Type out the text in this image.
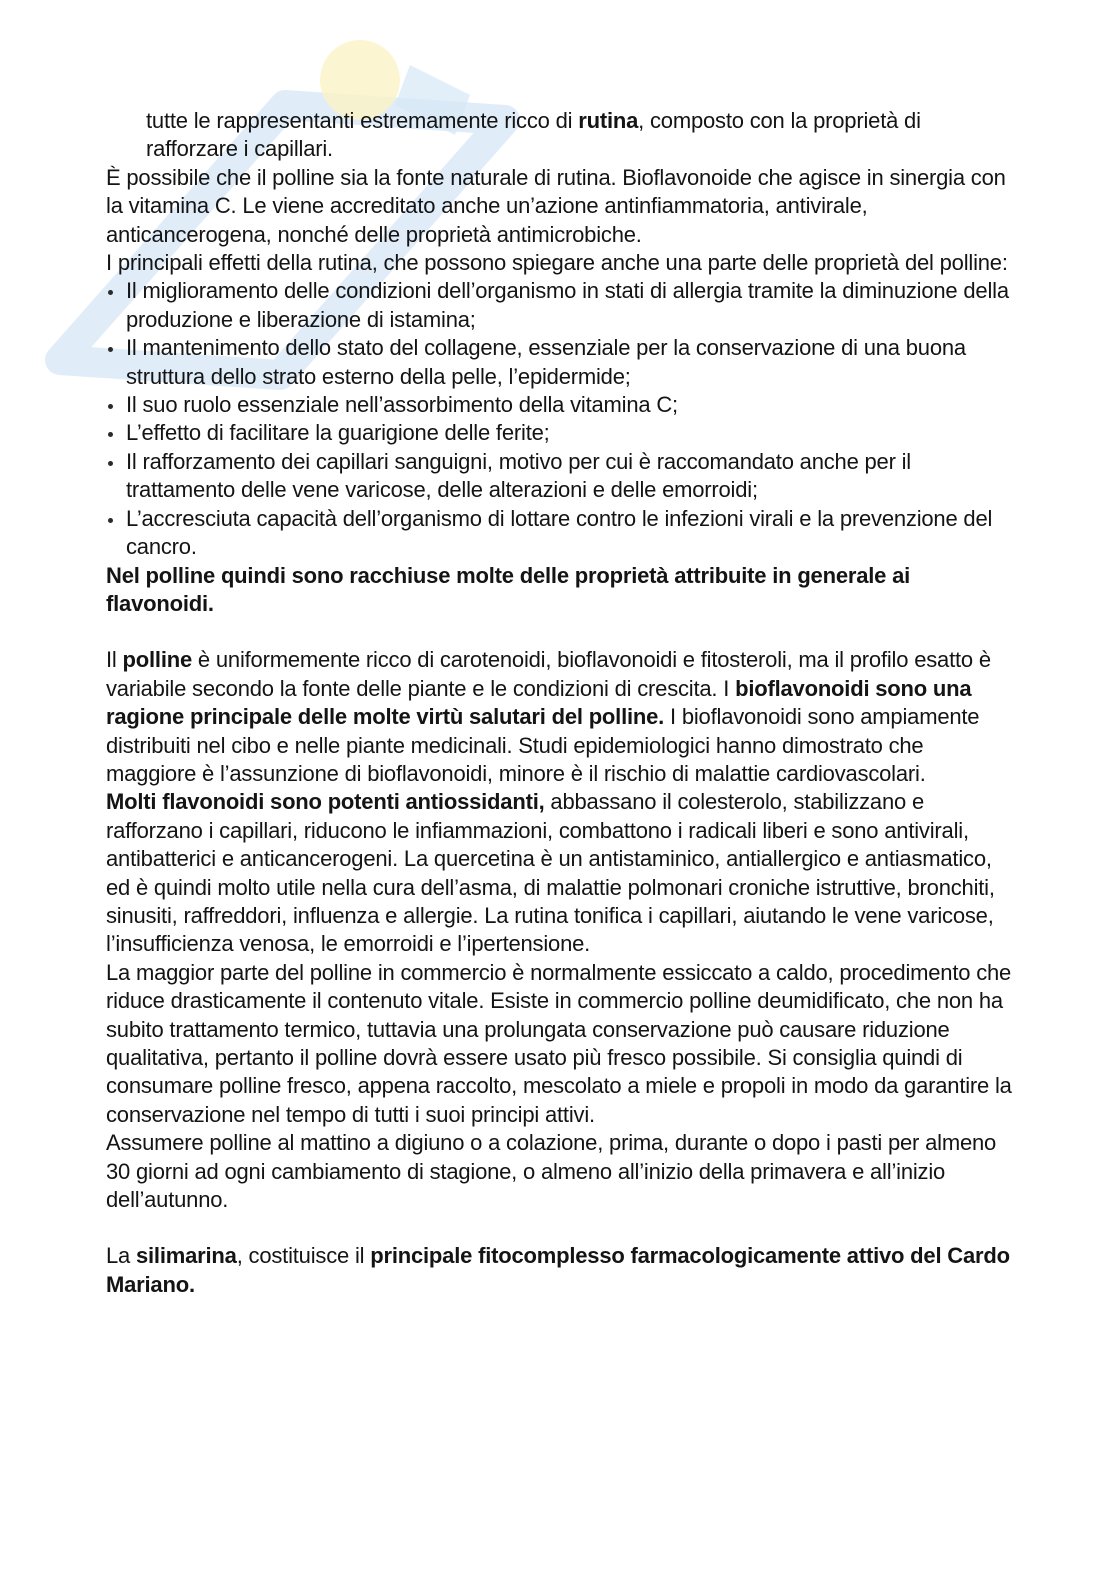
tutte le rappresentanti estremamente ricco di rutina, composto con la proprietà di rafforzare i capillari.

È possibile che il polline sia la fonte naturale di rutina. Bioflavonoide che agisce in sinergia con la vitamina C. Le viene accreditato anche un’azione antinfiammatoria, antivirale, anticancerogena, nonché delle proprietà antimicrobiche.

I principali effetti della rutina, che possono spiegare anche una parte delle proprietà del polline:

Il miglioramento delle condizioni dell’organismo in stati di allergia tramite la diminuzione della produzione e liberazione di istamina;
Il mantenimento dello stato del collagene, essenziale per la conservazione di una buona struttura dello strato esterno della pelle, l’epidermide;
Il suo ruolo essenziale nell’assorbimento della vitamina C;
L’effetto di facilitare la guarigione delle ferite;
Il rafforzamento dei capillari sanguigni, motivo per cui è raccomandato anche per il trattamento delle vene varicose, delle alterazioni e delle emorroidi;
L’accresciuta capacità dell’organismo di lottare contro le infezioni virali e la prevenzione del cancro.

Nel polline quindi sono racchiuse molte delle proprietà attribuite in generale ai flavonoidi.

Il polline è uniformemente ricco di carotenoidi, bioflavonoidi e fitosteroli, ma il profilo esatto è variabile secondo la fonte delle piante e le condizioni di crescita. I bioflavonoidi sono una ragione principale delle molte virtù salutari del polline. I bioflavonoidi sono ampiamente distribuiti nel cibo e nelle piante medicinali. Studi epidemiologici hanno dimostrato che maggiore è l’assunzione di bioflavonoidi, minore è il rischio di malattie cardiovascolari.

Molti flavonoidi sono potenti antiossidanti, abbassano il colesterolo, stabilizzano e rafforzano i capillari, riducono le infiammazioni, combattono i radicali liberi e sono antivirali, antibatterici e anticancerogeni. La quercetina è un antistaminico, antiallergico e antiasmatico, ed è quindi molto utile nella cura dell’asma, di malattie polmonari croniche istruttive, bronchiti, sinusiti, raffreddori, influenza e allergie. La rutina tonifica i capillari, aiutando le vene varicose, l’insufficienza venosa, le emorroidi e l’ipertensione.

La maggior parte del polline in commercio è normalmente essiccato a caldo, procedimento che riduce drasticamente il contenuto vitale. Esiste in commercio polline deumidificato, che non ha subito trattamento termico, tuttavia una prolungata conservazione può causare riduzione qualitativa, pertanto il polline dovrà essere usato più fresco possibile. Si consiglia quindi di consumare polline fresco, appena raccolto, mescolato a miele e propoli in modo da garantire la conservazione nel tempo di tutti i suoi principi attivi.

Assumere polline al mattino a digiuno o a colazione, prima, durante o dopo i pasti per almeno 30 giorni ad ogni cambiamento di stagione, o almeno all’inizio della primavera e all’inizio dell’autunno.

La silimarina, costituisce il principale fitocomplesso farmacologicamente attivo del Cardo Mariano.
